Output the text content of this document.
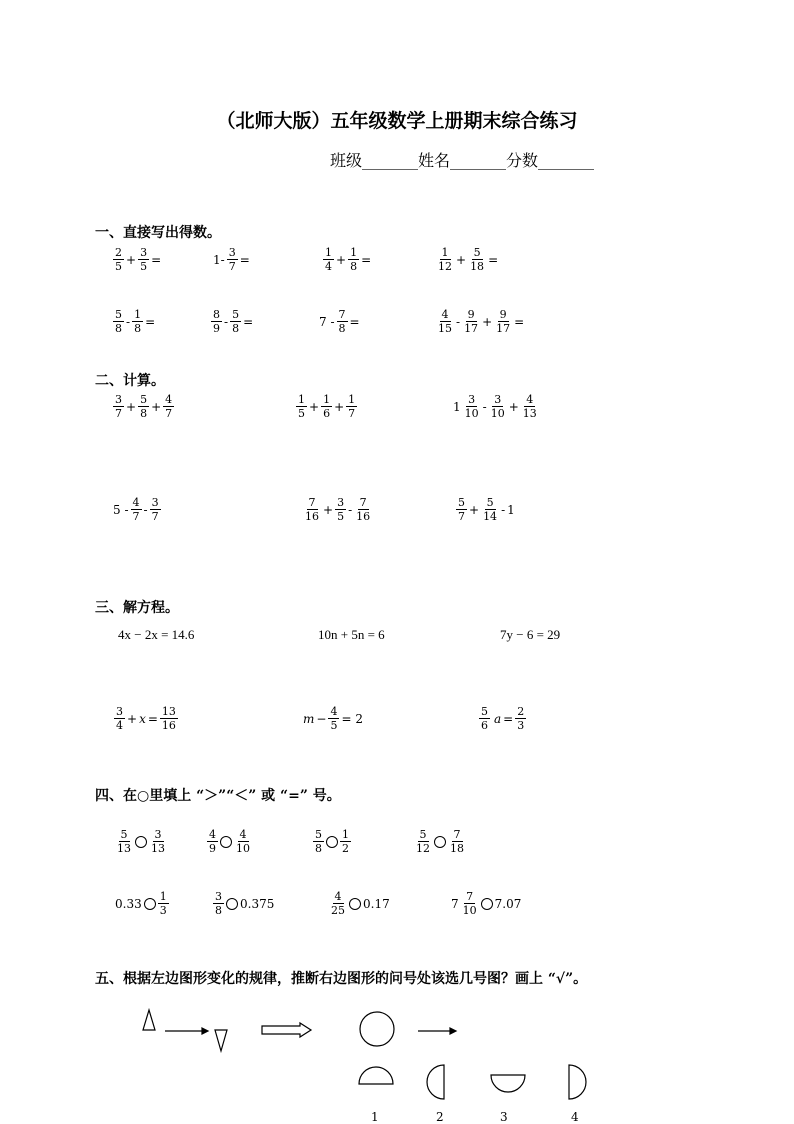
（北师大版）五年级数学上册期末综合练习
班级_______姓名_______分数_______
一、直接写出得数。
$\frac{2}{5} + \frac{3}{5}$ =	$1- \frac{3}{7}$ =	$\frac{1}{4} + \frac{1}{8}$ =	$\frac{1}{12} + \frac{5}{18}$ =
$\frac{5}{8} - \frac{1}{8}$ =	$\frac{8}{9} - \frac{5}{8}$ =	$7 - \frac{7}{8}$ =	$\frac{4}{15} - \frac{9}{17} + \frac{9}{17}$ =
二、计算。
$\frac{3}{7} + \frac{5}{8} + \frac{4}{7}$	$\frac{1}{5} + \frac{1}{6} + \frac{1}{7}$	$1 \frac{3}{10} - \frac{3}{10} + \frac{4}{13}$
$5 - \frac{4}{7} - \frac{3}{7}$	$\frac{7}{16} + \frac{3}{5} - \frac{7}{16}$	$\frac{5}{7} + \frac{5}{14} - 1$
三、解方程。
4x − 2x = 14.6	10n + 5n = 6	7y − 6 = 29
$\frac{3}{4} + x = \frac{13}{16}$	$m - \frac{4}{5} = 2$	$\frac{5}{6}$ $a = \frac{2}{3}$
四、在○里填上 “＞”“＜” 或 “=” 号。
$\frac{5}{13} \frac{3}{13}$	$\frac{4}{9} \frac{4}{10}$	$\frac{5}{8} \frac{1}{2}$	$\frac{5}{12} \frac{7}{18}$
$0.33 \frac{1}{3}$	$\frac{3}{8} 0.375$	$\frac{4}{25} 0.17$	$7 \frac{7}{10} 7.07$
五、根据左边图形变化的规律，推断右边图形的问号处该选几号图？画上 “√”。
1	2	3	4
